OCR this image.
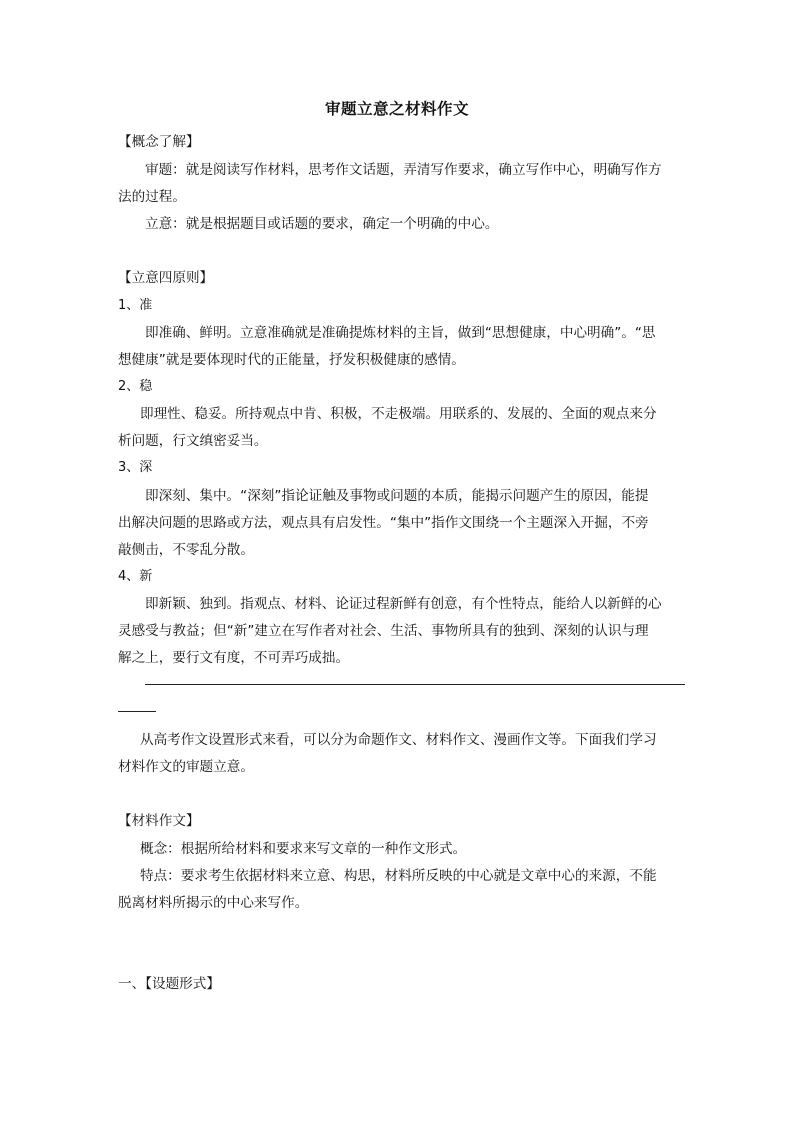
审题立意之材料作文
【概念了解】
审题：就是阅读写作材料，思考作文话题，弄清写作要求，确立写作中心，明确写作方
法的过程。
立意：就是根据题目或话题的要求，确定一个明确的中心。
【立意四原则】
1、准
即准确、鲜明。立意准确就是准确提炼材料的主旨，做到“思想健康，中心明确”。“思
想健康”就是要体现时代的正能量，抒发积极健康的感情。
2、稳
即理性、稳妥。所持观点中肯、积极，不走极端。用联系的、发展的、全面的观点来分
析问题，行文缜密妥当。
3、深
即深刻、集中。“深刻”指论证触及事物或问题的本质，能揭示问题产生的原因，能提
出解决问题的思路或方法，观点具有启发性。“集中”指作文围绕一个主题深入开掘，不旁
敲侧击，不零乱分散。
4、新
即新颖、独到。指观点、材料、论证过程新鲜有创意，有个性特点，能给人以新鲜的心
灵感受与教益；但“新”建立在写作者对社会、生活、事物所具有的独到、深刻的认识与理
解之上，要行文有度，不可弄巧成拙。
从高考作文设置形式来看，可以分为命题作文、材料作文、漫画作文等。下面我们学习
材料作文的审题立意。
【材料作文】
概念：根据所给材料和要求来写文章的一种作文形式。
特点：要求考生依据材料来立意、构思，材料所反映的中心就是文章中心的来源，不能
脱离材料所揭示的中心来写作。
一、【设题形式】
